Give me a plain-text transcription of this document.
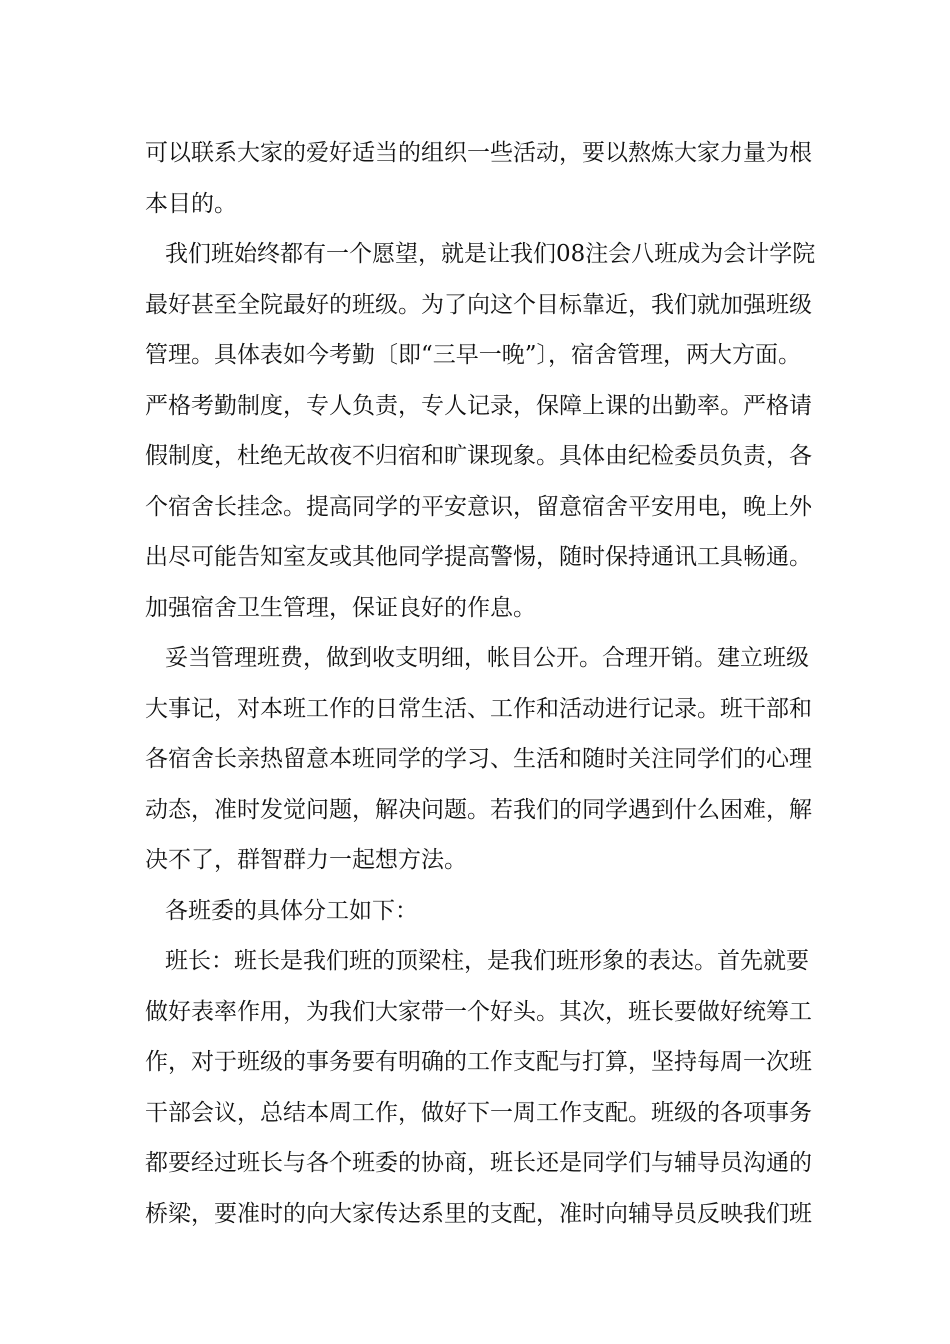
可以联系大家的爱好适当的组织一些活动，要以熬炼大家力量为根
本目的。
我们班始终都有一个愿望，就是让我们08注会八班成为会计学院
最好甚至全院最好的班级。为了向这个目标靠近，我们就加强班级
管理。具体表如今考勤〔即“三早一晚”〕，宿舍管理，两大方面。
严格考勤制度，专人负责，专人记录，保障上课的出勤率。严格请
假制度，杜绝无故夜不归宿和旷课现象。具体由纪检委员负责，各
个宿舍长挂念。提高同学的平安意识，留意宿舍平安用电，晚上外
出尽可能告知室友或其他同学提高警惕，随时保持通讯工具畅通。
加强宿舍卫生管理，保证良好的作息。
妥当管理班费，做到收支明细，帐目公开。合理开销。建立班级
大事记，对本班工作的日常生活、工作和活动进行记录。班干部和
各宿舍长亲热留意本班同学的学习、生活和随时关注同学们的心理
动态，准时发觉问题，解决问题。若我们的同学遇到什么困难，解
决不了，群智群力一起想方法。
各班委的具体分工如下：
班长：班长是我们班的顶梁柱，是我们班形象的表达。首先就要
做好表率作用，为我们大家带一个好头。其次，班长要做好统筹工
作，对于班级的事务要有明确的工作支配与打算，坚持每周一次班
干部会议，总结本周工作，做好下一周工作支配。班级的各项事务
都要经过班长与各个班委的协商，班长还是同学们与辅导员沟通的
桥梁，要准时的向大家传达系里的支配，准时向辅导员反映我们班
